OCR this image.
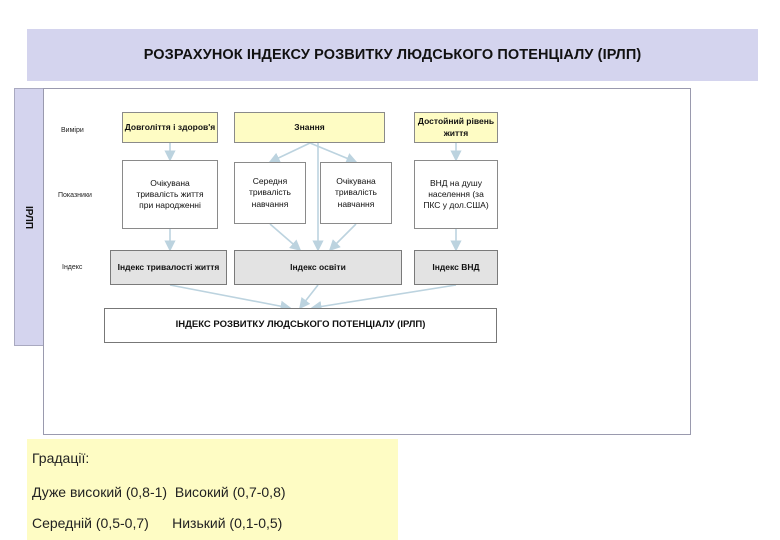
РОЗРАХУНОК ІНДЕКСУ РОЗВИТКУ ЛЮДСЬКОГО ПОТЕНЦІАЛУ (ІРЛП)
ІРЛП
Виміри
Показники
Індекс
Довголіття і здоров'я	Знання
Достойний рівень життя
Очікувана тривалість життя при народженні
Середня тривалість навчання
Очікувана тривалість навчання
ВНД на душу населення (за ПКС у дол.США)
Індекс тривалості життя	Індекс освіти	Індекс ВНД
ІНДЕКС РОЗВИТКУ ЛЮДСЬКОГО ПОТЕНЦІАЛУ (ІРЛП)
Градації:
Дуже високий (0,8-1)  Високий (0,7-0,8)
Середній (0,5-0,7)      Низький (0,1-0,5)
